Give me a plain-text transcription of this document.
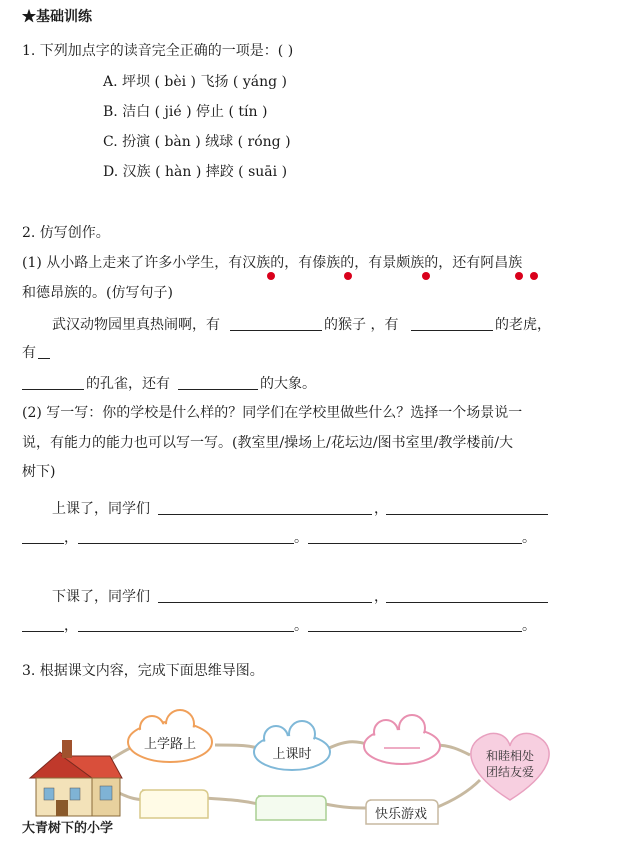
★基础训练
1. 下列加点字的读音完全正确的一项是：( )
A. 坪坝 ( bèi ) 飞扬 ( yáng )
B. 洁白 ( jié ) 停止 ( tín )
C. 扮演 ( bàn ) 绒球 ( róng )
D. 汉族 ( hàn ) 摔跤 ( suāi )
2. 仿写创作。
(1) 从小路上走来了许多小学生，有汉族的，有傣族的，有景颇族的，还有阿昌族
和德昂族的。(仿写句子)
武汉动物园里真热闹啊，有	的猴子 ，有	的老虎，
有
的孔雀，还有	的大象。
(2) 写一写：你的学校是什么样的？同学们在学校里做些什么？选择一个场景说一
说，有能力的能力也可以写一写。(教室里/操场上/花坛边/图书室里/教学楼前/大
树下)
上课了，同学们	，
，	。	。
下课了，同学们	，
，	。	。
3. 根据课文内容，完成下面思维导图。
上学路上
上课时	和睦相处
团结友爱
快乐游戏
大青树下的小学
